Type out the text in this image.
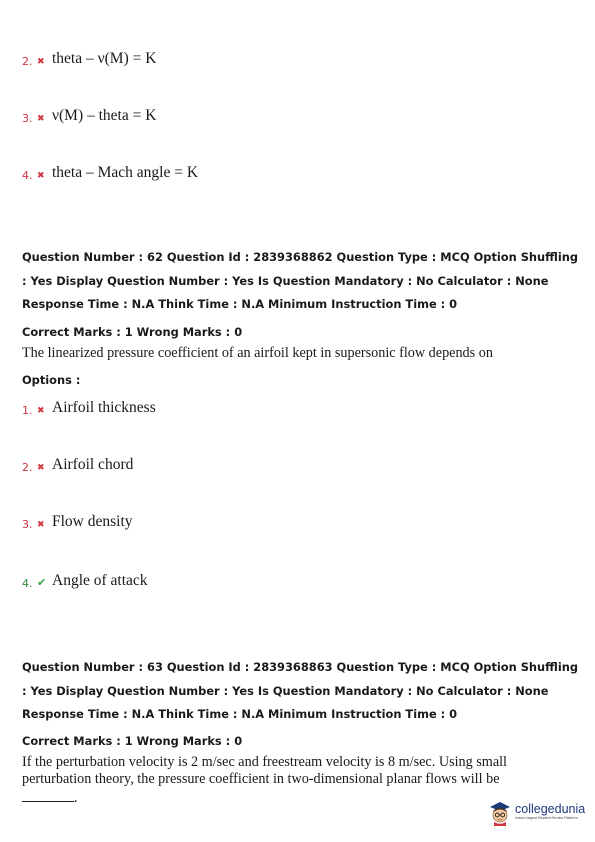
2. ✖ theta – ν(M) = K
3. ✖ ν(M) – theta = K
4. ✖ theta – Mach angle = K
Question Number : 62 Question Id : 2839368862 Question Type : MCQ Option Shuffling : Yes Display Question Number : Yes Is Question Mandatory : No Calculator : None Response Time : N.A Think Time : N.A Minimum Instruction Time : 0
Correct Marks : 1 Wrong Marks : 0
The linearized pressure coefficient of an airfoil kept in supersonic flow depends on
Options :
1. ✖ Airfoil thickness
2. ✖ Airfoil chord
3. ✖ Flow density
4. ✔ Angle of attack
Question Number : 63 Question Id : 2839368863 Question Type : MCQ Option Shuffling : Yes Display Question Number : Yes Is Question Mandatory : No Calculator : None Response Time : N.A Think Time : N.A Minimum Instruction Time : 0
Correct Marks : 1 Wrong Marks : 0
If the perturbation velocity is 2 m/sec and freestream velocity is 8 m/sec. Using small perturbation theory, the pressure coefficient in two-dimensional planar flows will be
.
collegedunia
India's largest Student Review Platform
